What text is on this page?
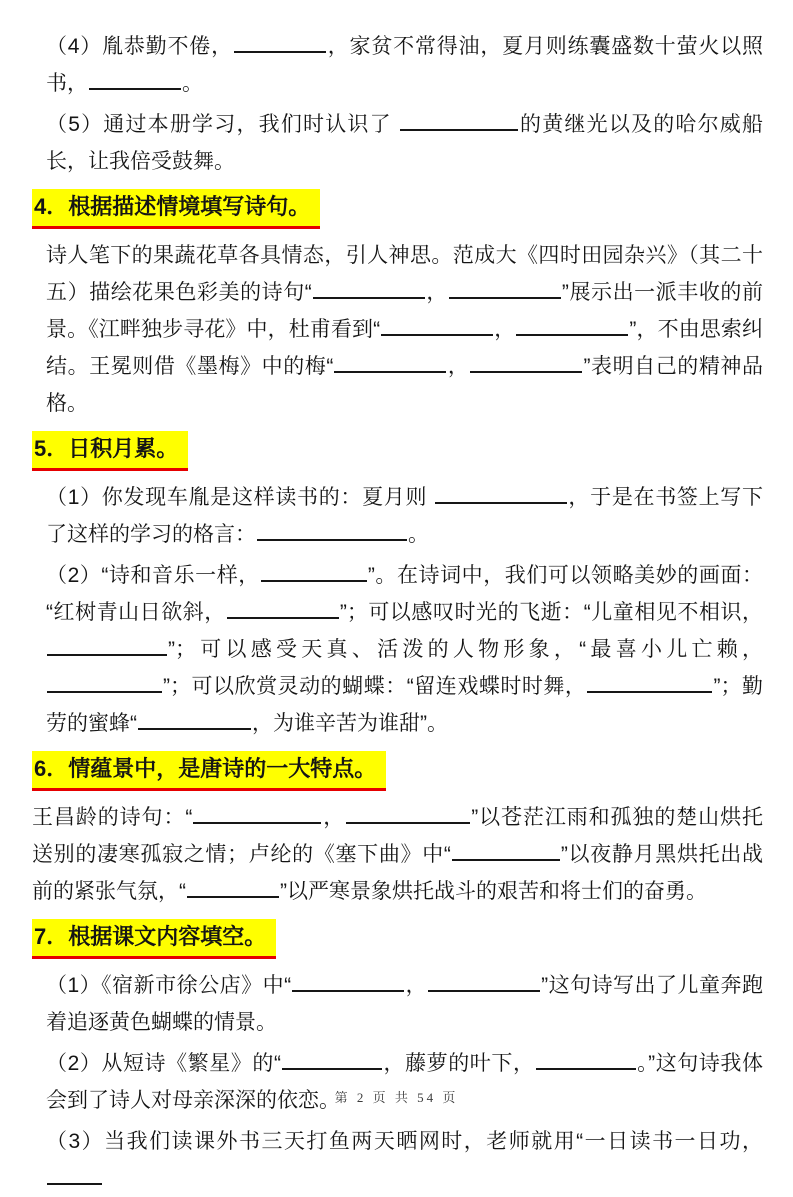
（4）胤恭勤不倦，	，家贫不常得油，夏月则练囊盛数十萤火以照书，	。

（5）通过本册学习，我们时认识了	的黄继光以及的哈尔威船长，让我倍受鼓舞。

4．根据描述情境填写诗句。

诗人笔下的果蔬花草各具情态，引人神思。范成大《四时田园杂兴》（其二十五）描绘花果色彩美的诗句“	，	”展示出一派丰收的前景。《江畔独步寻花》中，杜甫看到“	，	”，不由思索纠结。王冕则借《墨梅》中的梅“	，	”表明自己的精神品格。

5．日积月累。

（1）你发现车胤是这样读书的：夏月则	，于是在书签上写下了这样的学习的格言：	。

（2）“诗和音乐一样，	”。在诗词中，我们可以领略美妙的画面：“红树青山日欲斜，	”；可以感叹时光的飞逝：“儿童相见不相识，”；可以感受天真、活泼的人物形象，“最喜小儿亡赖，”；可以欣赏灵动的蝴蝶：“留连戏蝶时时舞，	”；勤劳的蜜蜂“	，为谁辛苦为谁甜”。

6．情蕴景中，是唐诗的一大特点。

王昌龄的诗句：“	，	”以苍茫江雨和孤独的楚山烘托送别的凄寒孤寂之情；卢纶的《塞下曲》中“	”以夜静月黑烘托出战前的紧张气氛，“	”以严寒景象烘托战斗的艰苦和将士们的奋勇。

7．根据课文内容填空。

（1）《宿新市徐公店》中“	，	”这句诗写出了儿童奔跑着追逐黄色蝴蝶的情景。

（2）从短诗《繁星》的“	，藤萝的叶下，	。”这句诗我体会到了诗人对母亲深深的依恋。

（3）当我们读课外书三天打鱼两天晒网时，老师就用“一日读书一日功，

第 2 页 共 54 页
